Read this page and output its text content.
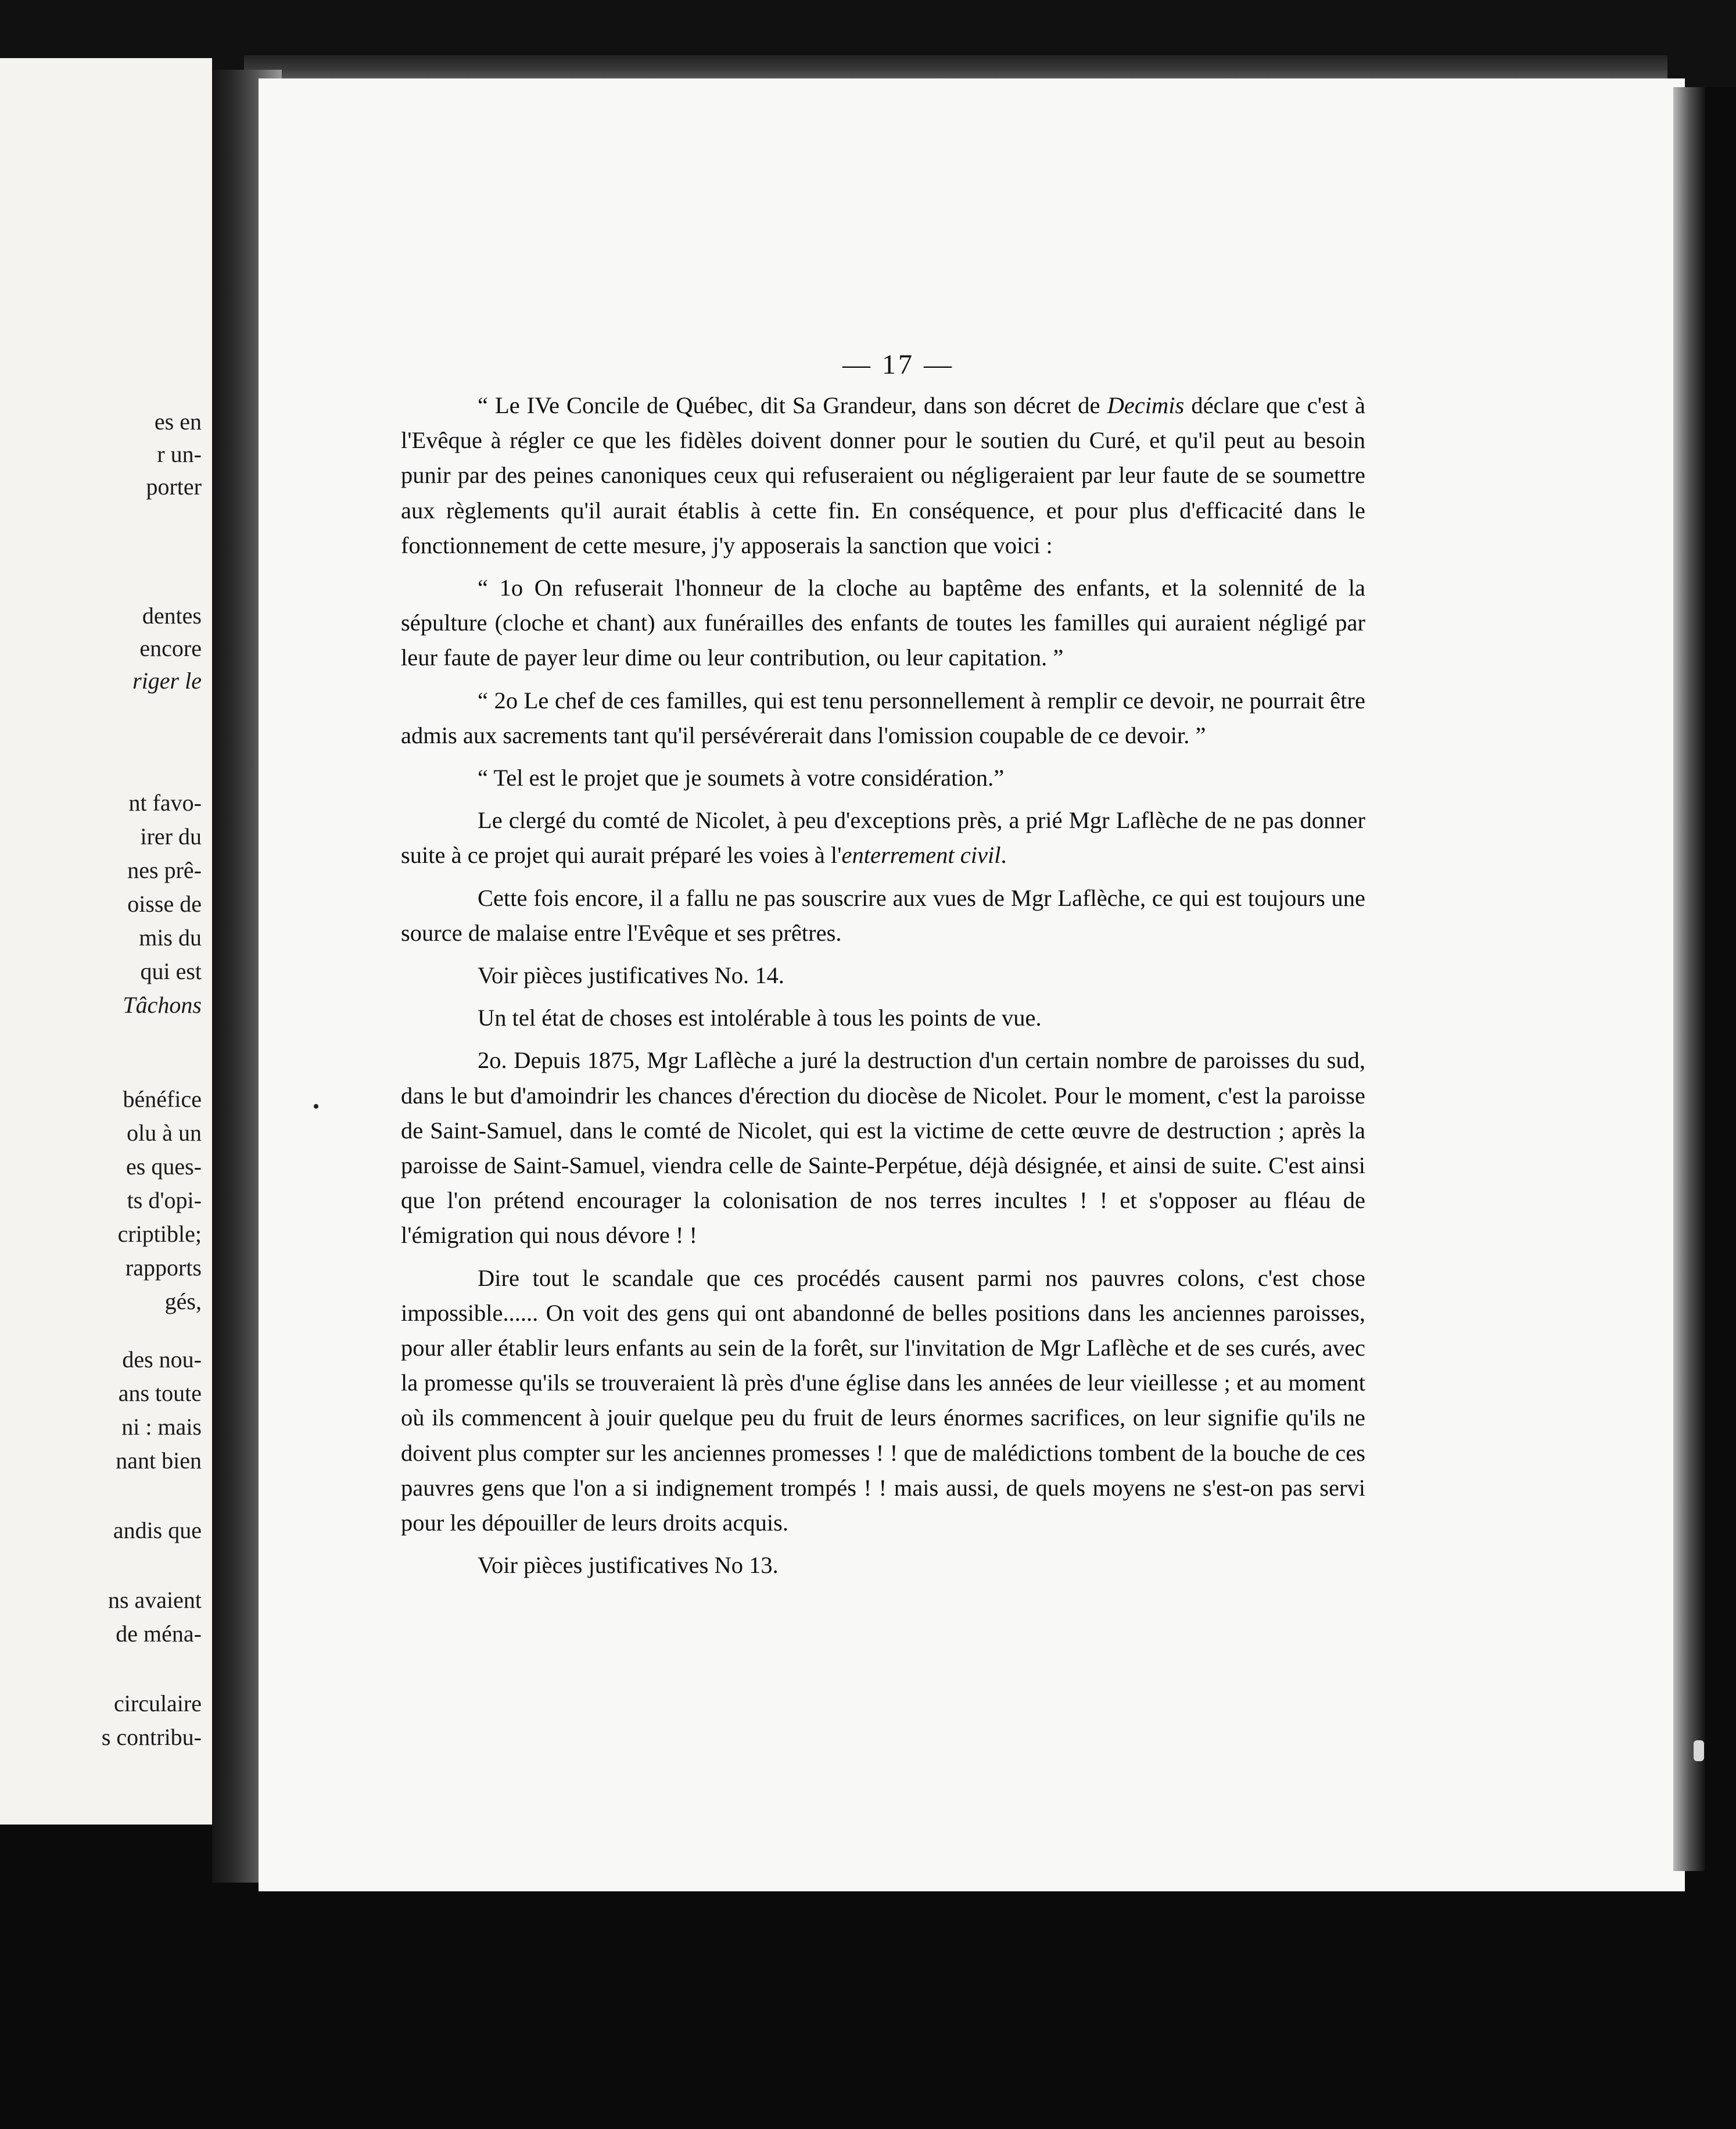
es en
r un-
porter
dentes
encore
riger le
nt favo-
irer du
nes prê-
oisse de
mis du
qui est
Tâchons
bénéfice
olu à un
es ques-
ts d'opi-
criptible;
rapports
gés,
des nou-
ans toute
ni : mais
nant bien
andis que
ns avaient
de ména-
circulaire
s contribu-
— 17 —

“ Le IVe Concile de Québec, dit Sa Grandeur, dans son décret de Decimis déclare que c'est à l'Evêque à régler ce que les fidèles doivent donner pour le soutien du Curé, et qu'il peut au besoin punir par des peines canoniques ceux qui refuseraient ou négligeraient par leur faute de se soumettre aux règlements qu'il aurait établis à cette fin. En conséquence, et pour plus d'efficacité dans le fonctionnement de cette mesure, j'y apposerais la sanction que voici :

“ 1o On refuserait l'honneur de la cloche au baptême des enfants, et la solennité de la sépulture (cloche et chant) aux funérailles des enfants de toutes les familles qui auraient négligé par leur faute de payer leur dime ou leur contribution, ou leur capitation. ”

“ 2o Le chef de ces familles, qui est tenu personnellement à remplir ce devoir, ne pourrait être admis aux sacrements tant qu'il persévérerait dans l'omission coupable de ce devoir. ”

“ Tel est le projet que je soumets à votre considération.”

Le clergé du comté de Nicolet, à peu d'exceptions près, a prié Mgr Laflèche de ne pas donner suite à ce projet qui aurait préparé les voies à l'enterrement civil.

Cette fois encore, il a fallu ne pas souscrire aux vues de Mgr Laflèche, ce qui est toujours une source de malaise entre l'Evêque et ses prêtres.

Voir pièces justificatives No. 14.

Un tel état de choses est intolérable à tous les points de vue.

2o. Depuis 1875, Mgr Laflèche a juré la destruction d'un certain nombre de paroisses du sud, dans le but d'amoindrir les chances d'érection du diocèse de Nicolet. Pour le moment, c'est la paroisse de Saint-Samuel, dans le comté de Nicolet, qui est la victime de cette œuvre de destruction ; après la paroisse de Saint-Samuel, viendra celle de Sainte-Perpétue, déjà désignée, et ainsi de suite. C'est ainsi que l'on prétend encourager la colonisation de nos terres incultes ! ! et s'opposer au fléau de l'émigration qui nous dévore ! !

Dire tout le scandale que ces procédés causent parmi nos pauvres colons, c'est chose impossible...... On voit des gens qui ont abandonné de belles positions dans les anciennes paroisses, pour aller établir leurs enfants au sein de la forêt, sur l'invitation de Mgr Laflèche et de ses curés, avec la promesse qu'ils se trouveraient là près d'une église dans les années de leur vieillesse ; et au moment où ils commencent à jouir quelque peu du fruit de leurs énormes sacrifices, on leur signifie qu'ils ne doivent plus compter sur les anciennes promesses ! ! que de malédictions tombent de la bouche de ces pauvres gens que l'on a si indignement trompés ! ! mais aussi, de quels moyens ne s'est-on pas servi pour les dépouiller de leurs droits acquis.

Voir pièces justificatives No 13.
